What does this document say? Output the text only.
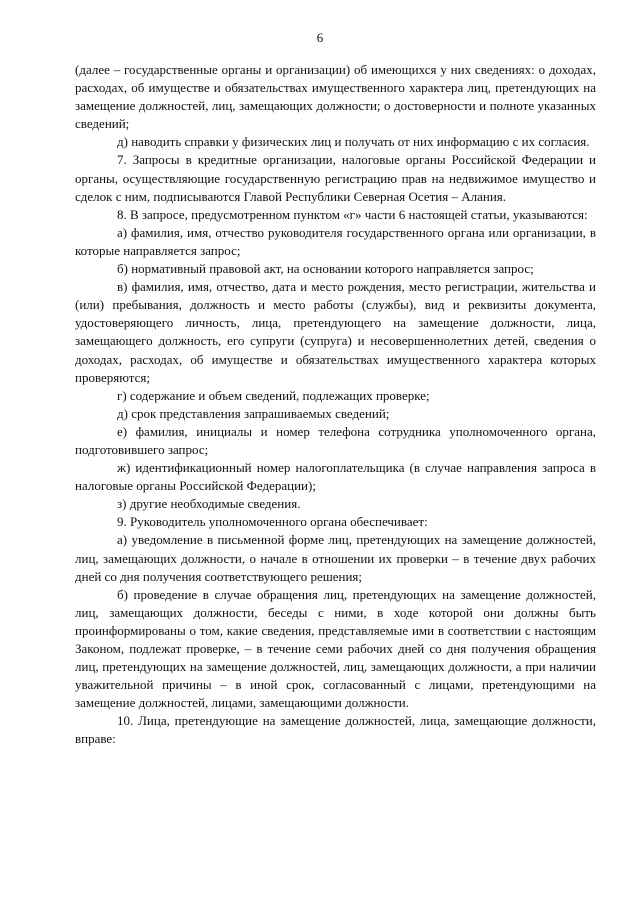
6

(далее – государственные органы и организации) об имеющихся у них сведениях: о доходах, расходах, об имуществе и обязательствах имущественного характера лиц, претендующих на замещение должностей, лиц, замещающих должности; о достоверности и полноте указанных сведений;

д) наводить справки у физических лиц и получать от них информацию с их согласия.

7. Запросы в кредитные организации, налоговые органы Российской Федерации и органы, осуществляющие государственную регистрацию прав на недвижимое имущество и сделок с ним, подписываются Главой Республики Северная Осетия – Алания.

8. В запросе, предусмотренном пунктом «г» части 6 настоящей статьи, указываются:

а) фамилия, имя, отчество руководителя государственного органа или организации, в которые направляется запрос;

б) нормативный правовой акт, на основании которого направляется запрос;

в) фамилия, имя, отчество, дата и место рождения, место регистрации, жительства и (или) пребывания, должность и место работы (службы), вид и реквизиты документа, удостоверяющего личность, лица, претендующего на замещение должности, лица, замещающего должность, его супруги (супруга) и несовершеннолетних детей, сведения о доходах, расходах, об имуществе и обязательствах имущественного характера которых проверяются;

г) содержание и объем сведений, подлежащих проверке;

д) срок представления запрашиваемых сведений;

е) фамилия, инициалы и номер телефона сотрудника уполномоченного органа, подготовившего запрос;

ж) идентификационный номер налогоплательщика (в случае направления запроса в налоговые органы Российской Федерации);

з) другие необходимые сведения.

9. Руководитель уполномоченного органа обеспечивает:

а) уведомление в письменной форме лиц, претендующих на замещение должностей, лиц, замещающих должности, о начале в отношении их проверки – в течение двух рабочих дней со дня получения соответствующего решения;

б) проведение в случае обращения лиц, претендующих на замещение должностей, лиц, замещающих должности, беседы с ними, в ходе которой они должны быть проинформированы о том, какие сведения, представляемые ими в соответствии с настоящим Законом, подлежат проверке, – в течение семи рабочих дней со дня получения обращения лиц, претендующих на замещение должностей, лиц, замещающих должности, а при наличии уважительной причины – в иной срок, согласованный с лицами, претендующими на замещение должностей, лицами, замещающими должности.

10. Лица, претендующие на замещение должностей, лица, замещающие должности, вправе:
